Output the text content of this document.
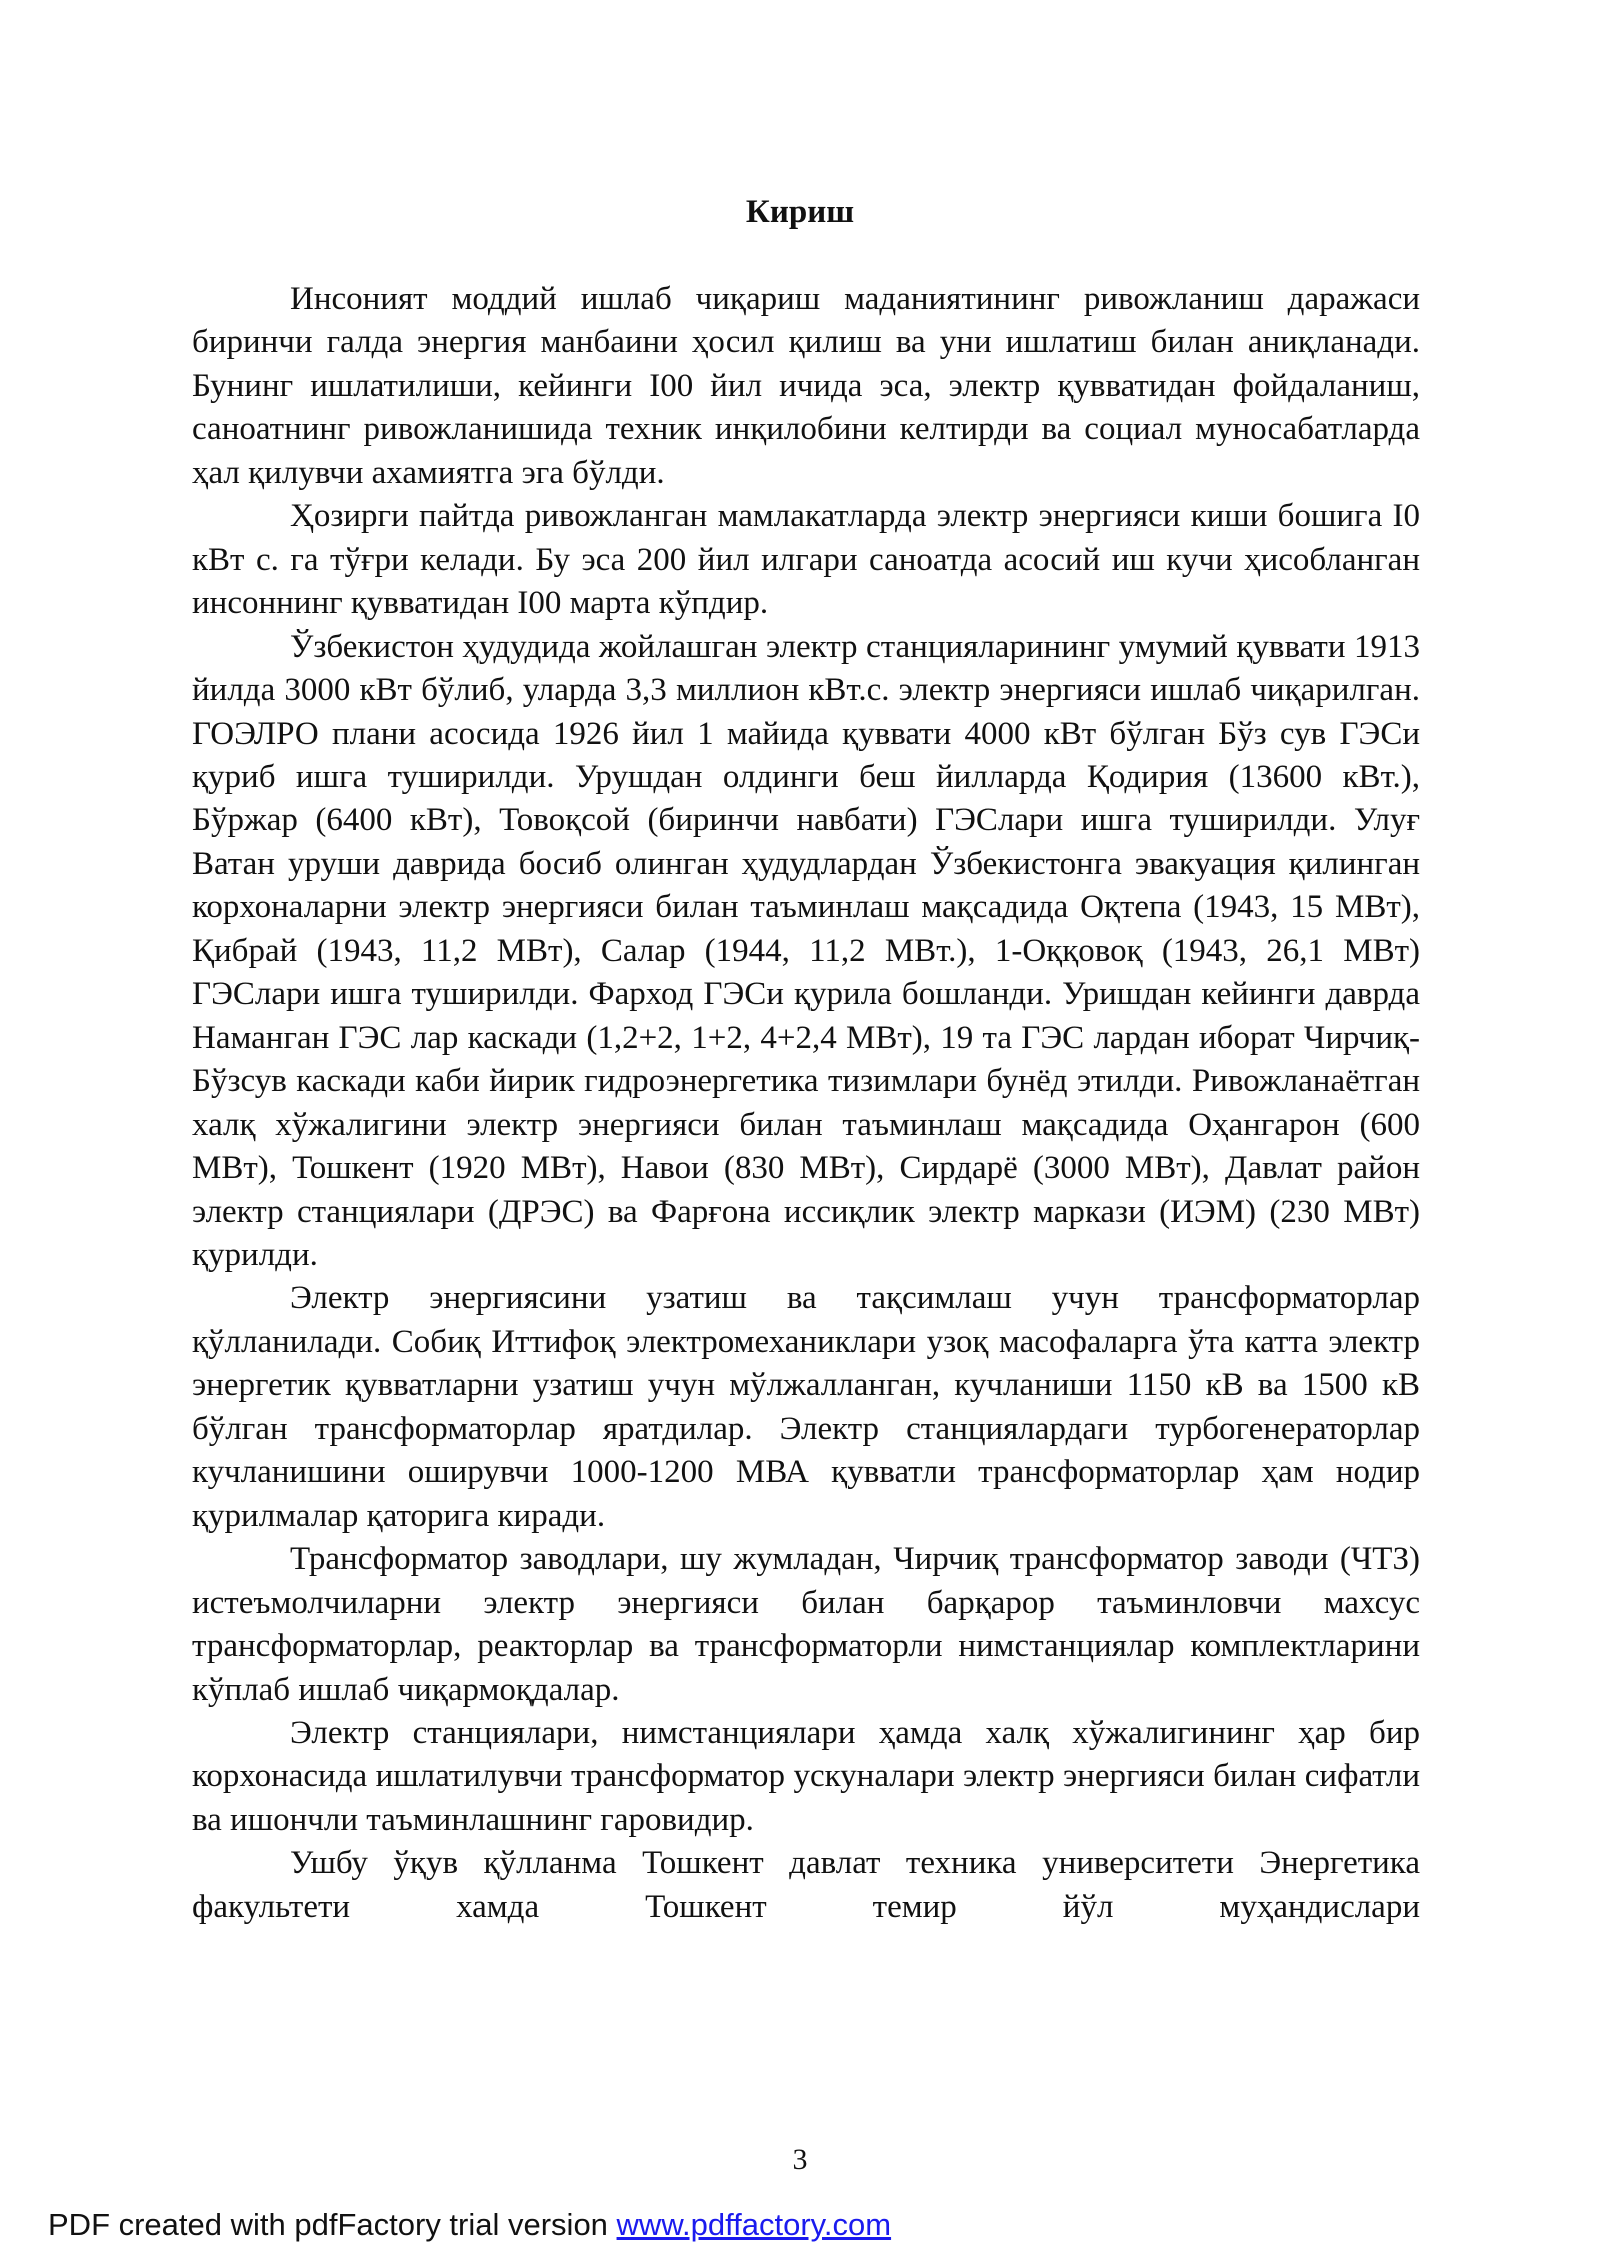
Кириш

Инсоният моддий ишлаб чиқариш маданиятининг ривожланиш даражаси биринчи галда энергия манбаини ҳосил қилиш ва уни ишлатиш билан аниқланади. Бунинг ишлатилиши, кейинги I00 йил ичида эса, электр қувватидан фойдаланиш, саноатнинг ривожланишида техник инқилобини келтирди ва социал муносабатларда ҳал қилувчи ахамиятга эга бўлди.

Ҳозирги пайтда ривожланган мамлакатларда электр энергияси киши бошига I0 кВт с. га тўғри келади. Бу эса 200 йил илгари саноатда асосий иш кучи ҳисобланган инсоннинг қувватидан I00 марта кўпдир.

Ўзбекистон ҳудудида жойлашган электр станцияларининг умумий қуввати 1913 йилда 3000 кВт бўлиб, уларда 3,3 миллион кВт.с. электр энергияси ишлаб чиқарилган. ГОЭЛРО плани асосида 1926 йил 1 майида қуввати 4000 кВт бўлган Бўз сув ГЭСи қуриб ишга туширилди. Урушдан олдинги беш йилларда Қодирия (13600 кВт.), Бўржар (6400 кВт), Товоқсой (биринчи навбати) ГЭСлари ишга туширилди. Улуғ Ватан уруши даврида босиб олинган ҳудудлардан Ўзбекистонга эвакуация қилинган корхоналарни электр энергияси билан таъминлаш мақсадида Оқтепа (1943, 15 МВт), Қибрай (1943, 11,2 МВт), Салар (1944, 11,2 МВт.), 1-Оққовоқ (1943, 26,1 МВт) ГЭСлари ишга туширилди. Фарход ГЭСи қурила бошланди. Уришдан кейинги даврда Наманган ГЭС лар каскади (1,2+2, 1+2, 4+2,4 МВт), 19 та ГЭС лардан иборат Чирчиқ-Бўзсув каскади каби йирик гидроэнергетика тизимлари бунёд этилди. Ривожланаётган халқ хўжалигини электр энергияси билан таъминлаш мақсадида Оҳангарон (600 МВт), Тошкент (1920 МВт), Навои (830 МВт), Сирдарё (3000 МВт), Давлат район электр станциялари (ДРЭС) ва Фарғона иссиқлик электр маркази (ИЭМ) (230 МВт) қурилди.

Электр энергиясини узатиш ва тақсимлаш учун трансформаторлар қўлланилади. Собиқ Иттифоқ электромеханиклари узоқ масофаларга ўта катта электр энергетик қувватларни узатиш учун мўлжалланган, кучланиши 1150 кВ ва 1500 кВ бўлган трансформаторлар яратдилар. Электр станциялардаги турбогенераторлар кучланишини оширувчи 1000-1200 МВА қувватли трансформаторлар ҳам нодир қурилмалар қаторига киради.

Трансформатор заводлари, шу жумладан, Чирчиқ трансформатор заводи (ЧТЗ) истеъмолчиларни электр энергияси билан барқарор таъминловчи махсус трансформаторлар, реакторлар ва трансформаторли нимстанциялар комплектларини кўплаб ишлаб чиқармоқдалар.

Электр станциялари, нимстанциялари ҳамда халқ хўжалигининг ҳар бир корхонасида ишлатилувчи трансформатор ускуналари электр энергияси билан сифатли ва ишончли таъминлашнинг гаровидир.

Ушбу ўқув қўлланма Тошкент давлат техника университети Энергетика факультети хамда Тошкент темир йўл муҳандислари

3
PDF created with pdfFactory trial version www.pdffactory.com
